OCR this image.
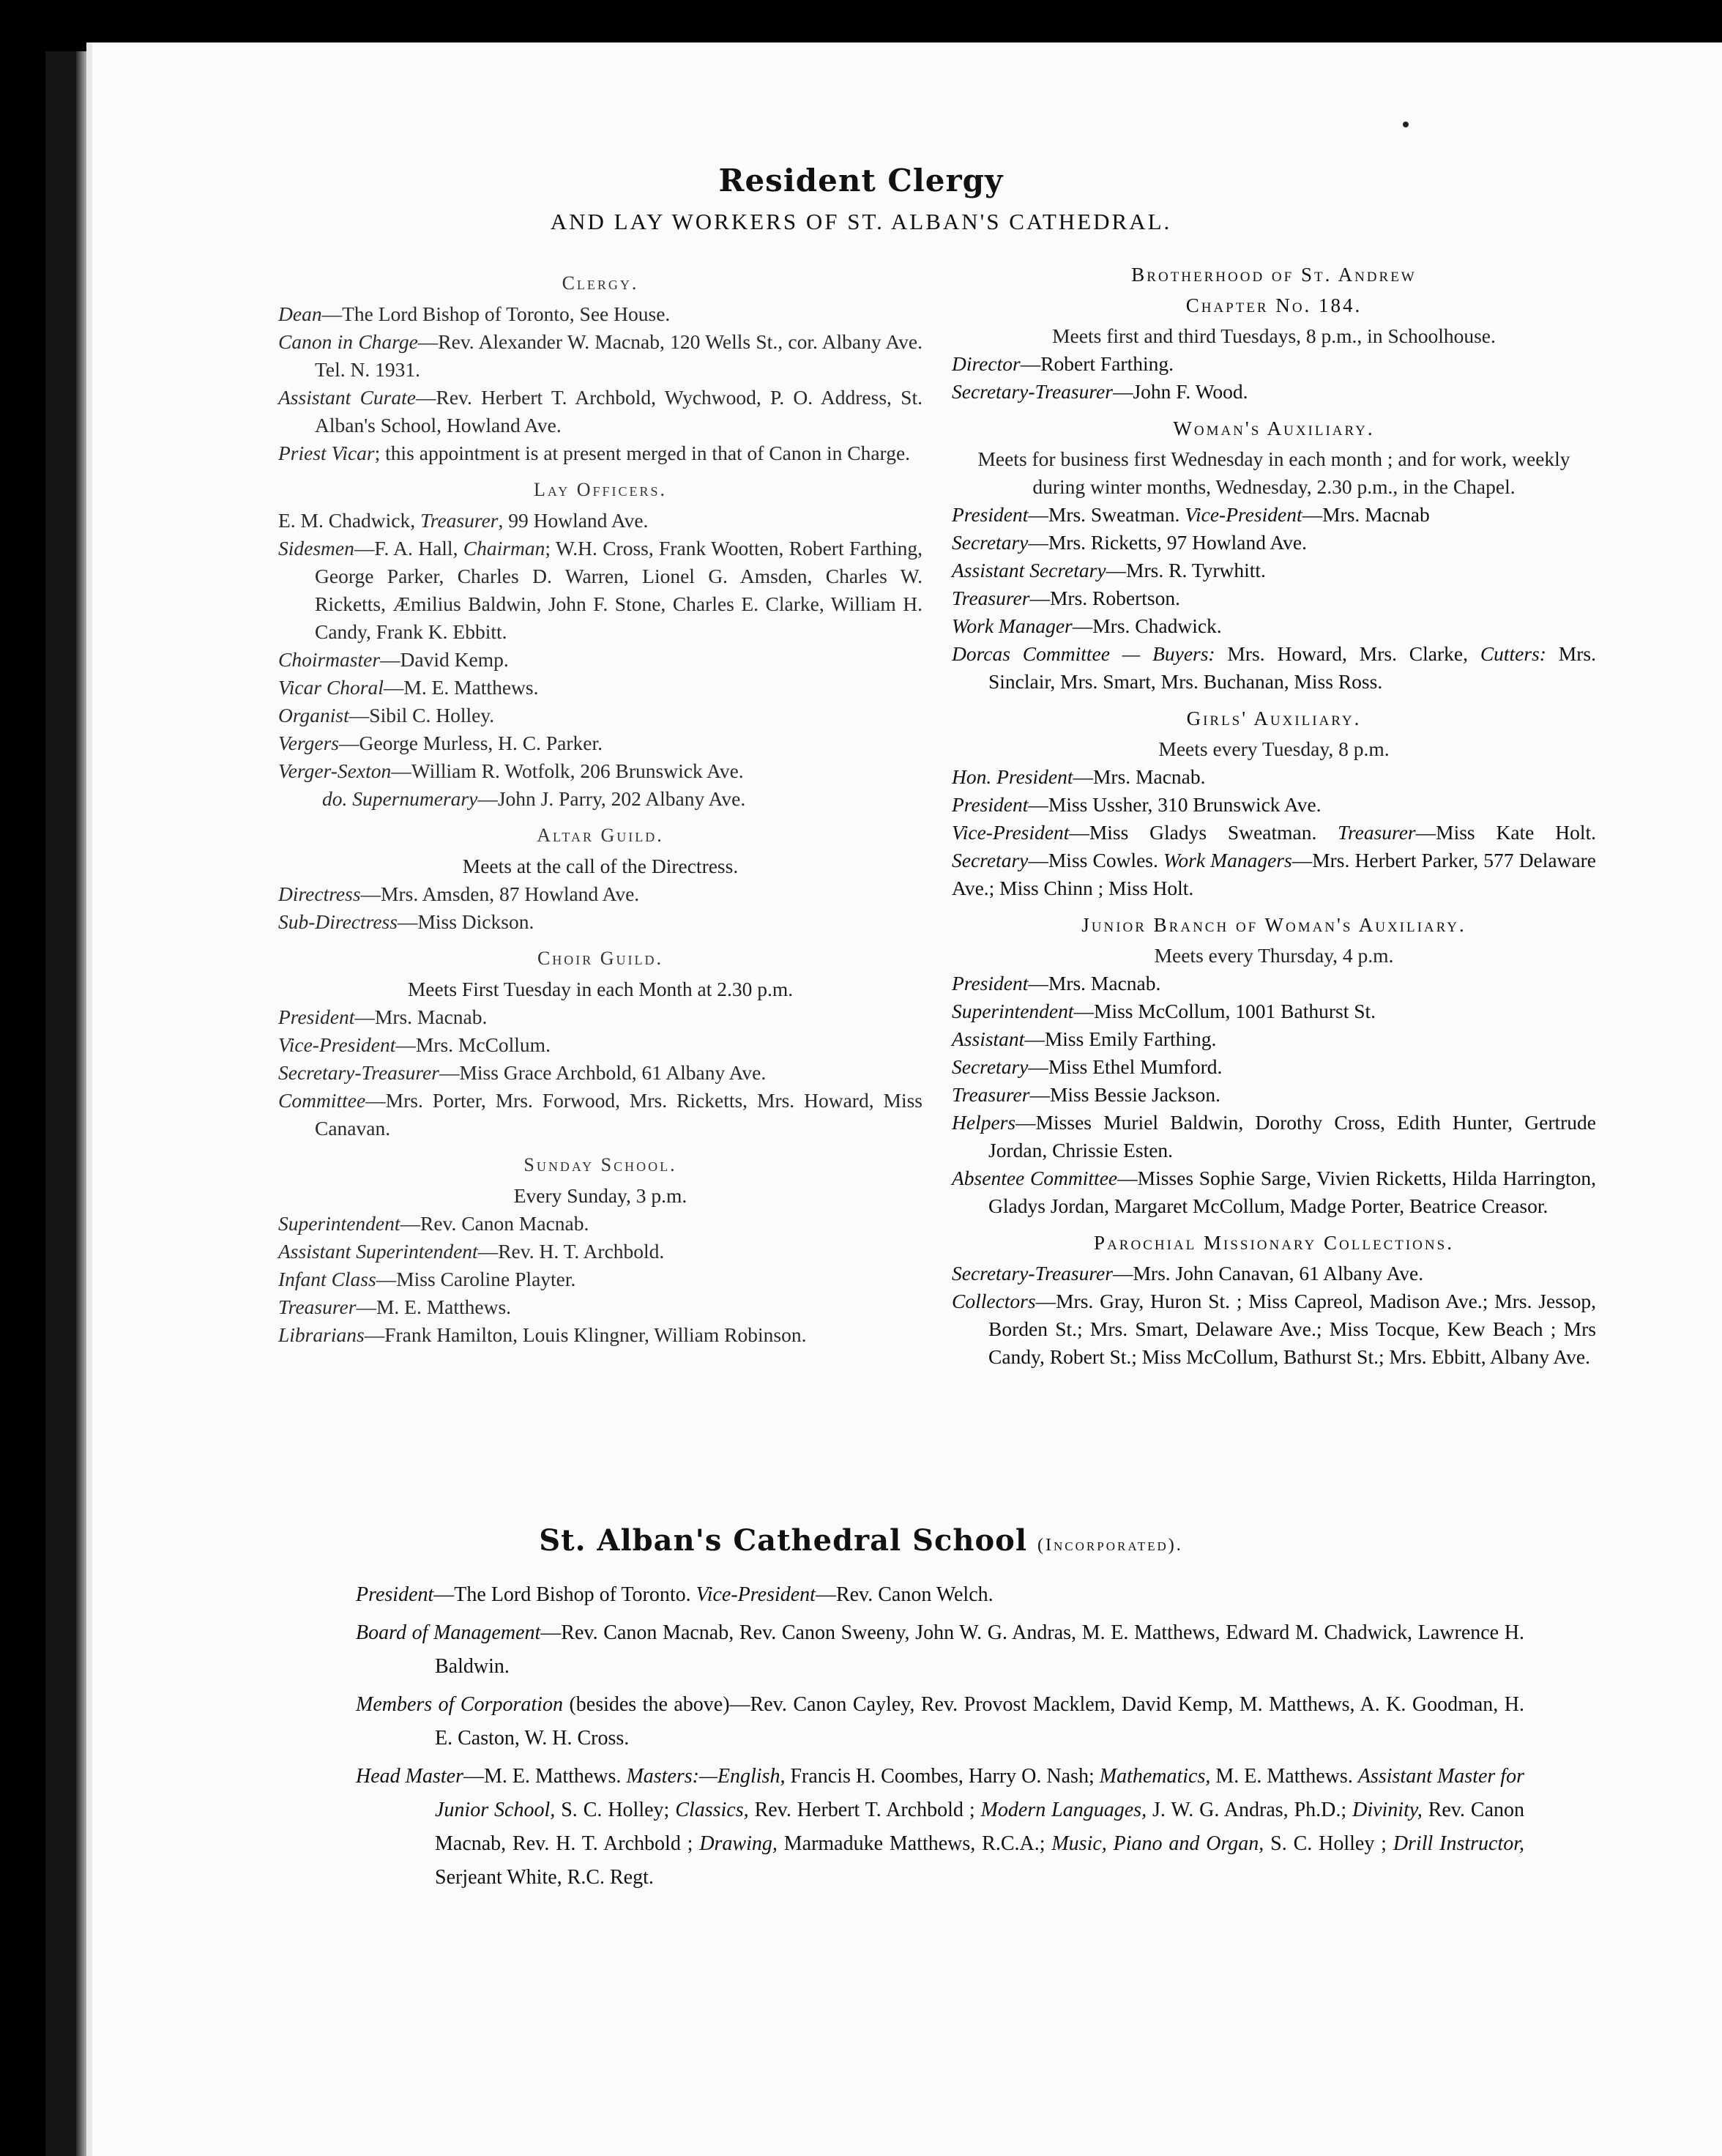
Resident Clergy
AND LAY WORKERS OF ST. ALBAN'S CATHEDRAL.
Clergy.
Dean—The Lord Bishop of Toronto, See House.
Canon in Charge—Rev. Alexander W. Macnab, 120 Wells St., cor. Albany Ave. Tel. N. 1931.
Assistant Curate—Rev. Herbert T. Archbold, Wychwood, P. O. Address, St. Alban's School, Howland Ave.
Priest Vicar; this appointment is at present merged in that of Canon in Charge.
Lay Officers.
E. M. Chadwick, Treasurer, 99 Howland Ave.
Sidesmen—F. A. Hall, Chairman; W.H. Cross, Frank Wootten, Robert Farthing, George Parker, Charles D. Warren, Lionel G. Amsden, Charles W. Ricketts, Æmilius Baldwin, John F. Stone, Charles E. Clarke, William H. Candy, Frank K. Ebbitt.
Choirmaster—David Kemp.
Vicar Choral—M. E. Matthews.
Organist—Sibil C. Holley.
Vergers—George Murless, H. C. Parker.
Verger-Sexton—William R. Wotfolk, 206 Brunswick Ave.
do. Supernumerary—John J. Parry, 202 Albany Ave.
Altar Guild.
Meets at the call of the Directress.
Directress—Mrs. Amsden, 87 Howland Ave.
Sub-Directress—Miss Dickson.
Choir Guild.
Meets First Tuesday in each Month at 2.30 p.m.
President—Mrs. Macnab.
Vice-President—Mrs. McCollum.
Secretary-Treasurer—Miss Grace Archbold, 61 Albany Ave.
Committee—Mrs. Porter, Mrs. Forwood, Mrs. Ricketts, Mrs. Howard, Miss Canavan.
Sunday School.
Every Sunday, 3 p.m.
Superintendent—Rev. Canon Macnab.
Assistant Superintendent—Rev. H. T. Archbold.
Infant Class—Miss Caroline Playter.
Treasurer—M. E. Matthews.
Librarians—Frank Hamilton, Louis Klingner, William Robinson.
Brotherhood of St. Andrew
Chapter No. 184.
Meets first and third Tuesdays, 8 p.m., in Schoolhouse.
Director—Robert Farthing.
Secretary-Treasurer—John F. Wood.
Woman's Auxiliary.
Meets for business first Wednesday in each month ; and for work, weekly during winter months, Wednesday, 2.30 p.m., in the Chapel.
President—Mrs. Sweatman. Vice-President—Mrs. Macnab
Secretary—Mrs. Ricketts, 97 Howland Ave.
Assistant Secretary—Mrs. R. Tyrwhitt.
Treasurer—Mrs. Robertson.
Work Manager—Mrs. Chadwick.
Dorcas Committee — Buyers: Mrs. Howard, Mrs. Clarke, Cutters: Mrs. Sinclair, Mrs. Smart, Mrs. Buchanan, Miss Ross.
Girls' Auxiliary.
Meets every Tuesday, 8 p.m.
Hon. President—Mrs. Macnab.
President—Miss Ussher, 310 Brunswick Ave.
Vice-President—Miss Gladys Sweatman. Treasurer—Miss Kate Holt. Secretary—Miss Cowles. Work Managers—Mrs. Herbert Parker, 577 Delaware Ave.; Miss Chinn ; Miss Holt.
Junior Branch of Woman's Auxiliary.
Meets every Thursday, 4 p.m.
President—Mrs. Macnab.
Superintendent—Miss McCollum, 1001 Bathurst St.
Assistant—Miss Emily Farthing.
Secretary—Miss Ethel Mumford.
Treasurer—Miss Bessie Jackson.
Helpers—Misses Muriel Baldwin, Dorothy Cross, Edith Hunter, Gertrude Jordan, Chrissie Esten.
Absentee Committee—Misses Sophie Sarge, Vivien Ricketts, Hilda Harrington, Gladys Jordan, Margaret McCollum, Madge Porter, Beatrice Creasor.
Parochial Missionary Collections.
Secretary-Treasurer—Mrs. John Canavan, 61 Albany Ave.
Collectors—Mrs. Gray, Huron St. ; Miss Capreol, Madison Ave.; Mrs. Jessop, Borden St.; Mrs. Smart, Delaware Ave.; Miss Tocque, Kew Beach ; Mrs Candy, Robert St.; Miss McCollum, Bathurst St.; Mrs. Ebbitt, Albany Ave.
St. Alban's Cathedral School (Incorporated).
President—The Lord Bishop of Toronto. Vice-President—Rev. Canon Welch.
Board of Management—Rev. Canon Macnab, Rev. Canon Sweeny, John W. G. Andras, M. E. Matthews, Edward M. Chadwick, Lawrence H. Baldwin.
Members of Corporation (besides the above)—Rev. Canon Cayley, Rev. Provost Macklem, David Kemp, M. Matthews, A. K. Goodman, H. E. Caston, W. H. Cross.
Head Master—M. E. Matthews. Masters:—English, Francis H. Coombes, Harry O. Nash; Mathematics, M. E. Matthews. Assistant Master for Junior School, S. C. Holley; Classics, Rev. Herbert T. Archbold ; Modern Languages, J. W. G. Andras, Ph.D.; Divinity, Rev. Canon Macnab, Rev. H. T. Archbold ; Drawing, Marmaduke Matthews, R.C.A.; Music, Piano and Organ, S. C. Holley ; Drill Instructor, Serjeant White, R.C. Regt.
